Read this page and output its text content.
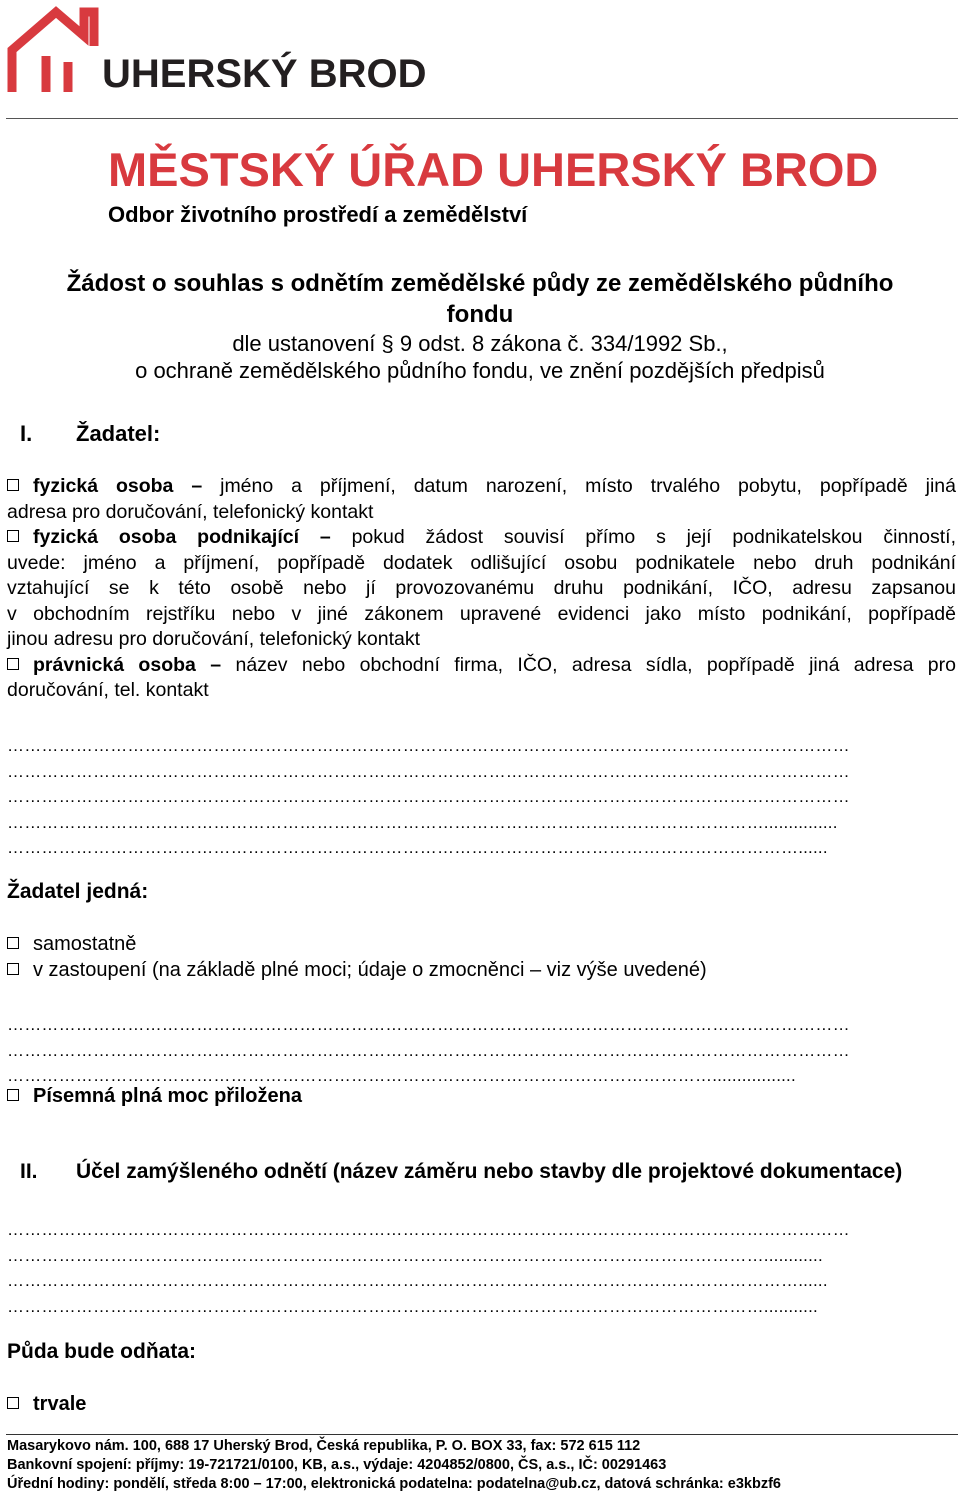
UHERSKÝ BROD
MĚSTSKÝ ÚŘAD UHERSKÝ BROD
Odbor životního prostředí a zemědělství
Žádost o souhlas s odnětím zemědělské půdy ze zemědělského půdního
fondu
dle ustanovení § 9 odst. 8 zákona č. 334/1992 Sb.,
o ochraně zemědělského půdního fondu, ve znění pozdějších předpisů
I. Žadatel:
fyzická osoba – jméno a příjmení, datum narození, místo trvalého pobytu, popřípadě jiná
adresa pro doručování, telefonický kontakt
fyzická osoba podnikající – pokud žádost souvisí přímo s její podnikatelskou činností,
uvede: jméno a příjmení, popřípadě dodatek odlišující osobu podnikatele nebo druh podnikání
vztahující se k této osobě nebo jí provozovanému druhu podnikání, IČO, adresu zapsanou
v obchodním rejstříku nebo v jiné zákonem upravené evidenci jako místo podnikání, popřípadě
jinou adresu pro doručování, telefonický kontakt
právnická osoba – název nebo obchodní firma, IČO, adresa sídla, popřípadě jiná adresa pro
doručování, tel. kontakt
…………………………………………………………………………………………………………………………………
…………………………………………………………………………………………………………………………………
…………………………………………………………………………………………………………………………………
……………………………………………………………………………………………………………………...............
…………………………………………………………………………………………………………………………......
Žadatel jedná:
samostatně
v zastoupení (na základě plné moci; údaje o zmocněnci – viz výše uvedené)
…………………………………………………………………………………………………………………………………
…………………………………………………………………………………………………………………………………
…………………………………………………………………………………………………………….................
Písemná plná moc přiložena
II. Účel zamýšleného odnětí (název záměru nebo stavby dle projektové dokumentace)
…………………………………………………………………………………………………………………………………
……………………………………………………………………………………………………………………............
…………………………………………………………………………………………………………………………......
……………………………………………………………………………………………………………………...........
Půda bude odňata:
trvale
Masarykovo nám. 100, 688 17 Uherský Brod, Česká republika, P. O. BOX 33, fax: 572 615 112
Bankovní spojení: příjmy: 19-721721/0100, KB, a.s., výdaje: 4204852/0800, ČS, a.s., IČ: 00291463
Úřední hodiny: pondělí, středa 8:00 – 17:00, elektronická podatelna: podatelna@ub.cz, datová schránka: e3kbzf6
